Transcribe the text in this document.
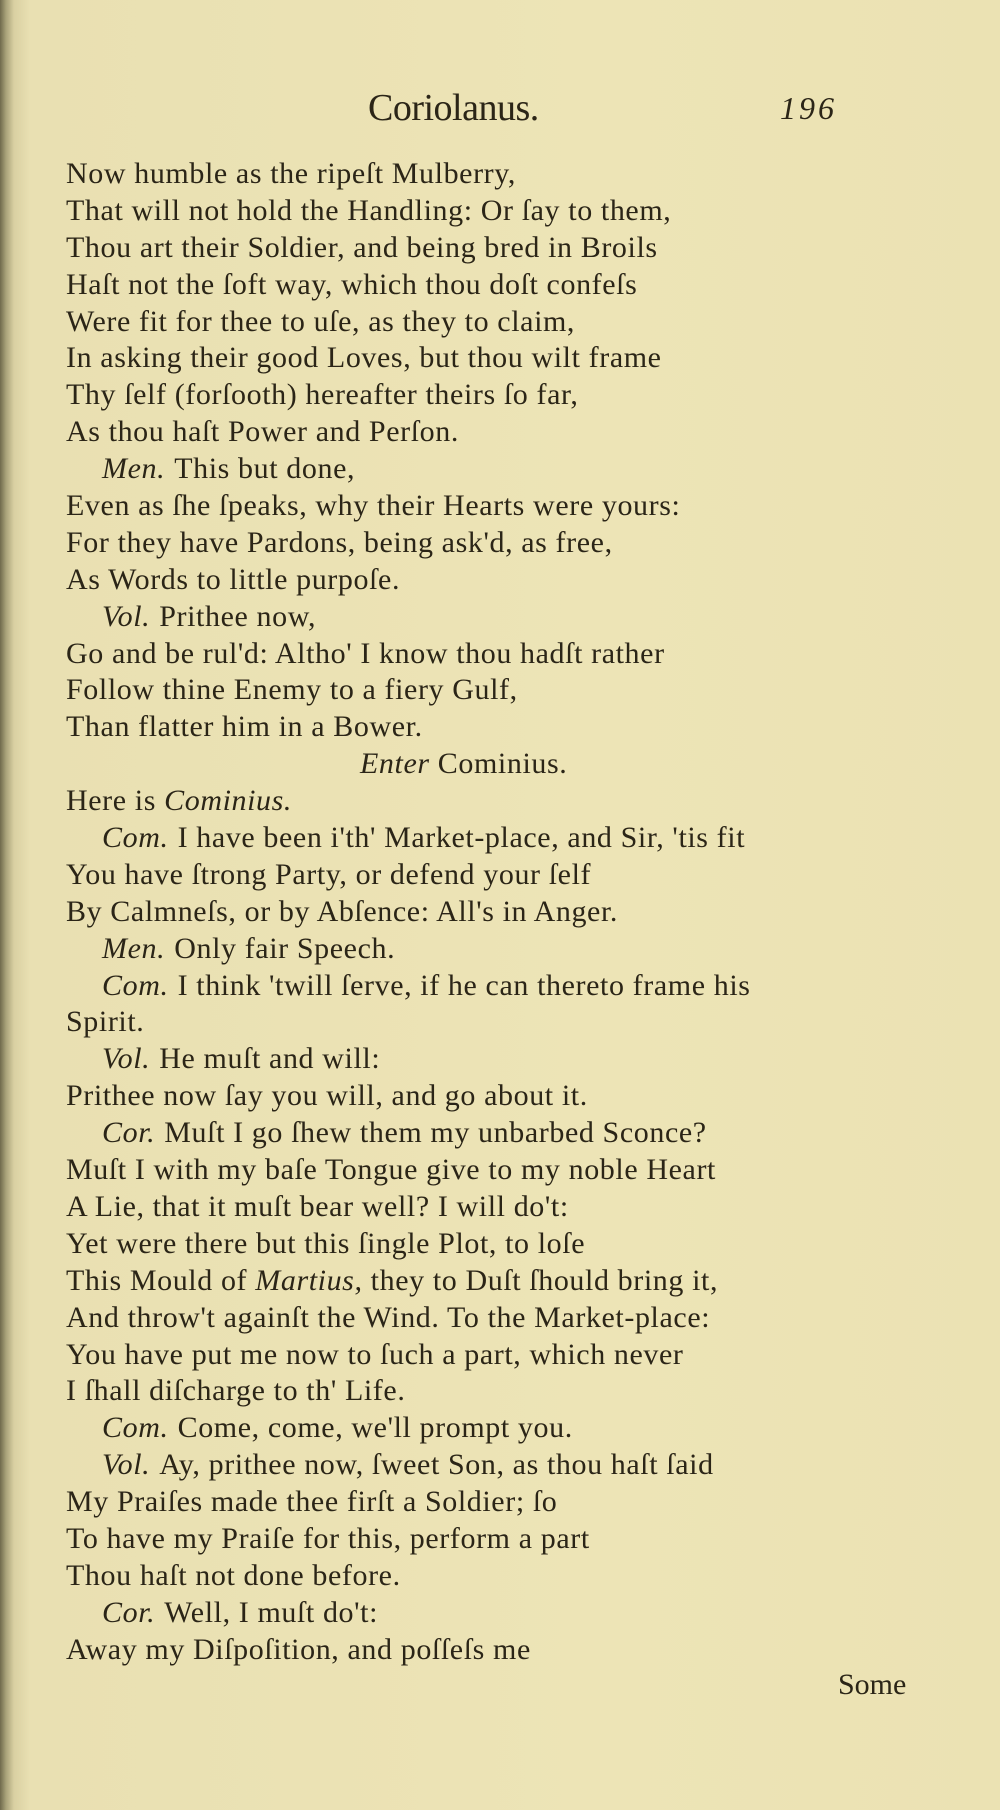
Coriolanus.	196
Now humble as the ripeſt Mulberry,
That will not hold the Handling: Or ſay to them,
Thou art their Soldier, and being bred in Broils
Haſt not the ſoft way, which thou doſt confeſs
Were fit for thee to uſe, as they to claim,
In asking their good Loves, but thou wilt frame
Thy ſelf (forſooth) hereafter theirs ſo far,
As thou haſt Power and Perſon.
Men. This but done,
Even as ſhe ſpeaks, why their Hearts were yours:
For they have Pardons, being ask'd, as free,
As Words to little purpoſe.
Vol. Prithee now,
Go and be rul'd: Altho' I know thou hadſt rather
Follow thine Enemy to a fiery Gulf,
Than flatter him in a Bower.
Enter Cominius.
Here is Cominius.
Com. I have been i'th' Market-place, and Sir, 'tis fit
You have ſtrong Party, or defend your ſelf
By Calmneſs, or by Abſence: All's in Anger.
Men. Only fair Speech.
Com. I think 'twill ſerve, if he can thereto frame his
Spirit.
Vol. He muſt and will:
Prithee now ſay you will, and go about it.
Cor. Muſt I go ſhew them my unbarbed Sconce?
Muſt I with my baſe Tongue give to my noble Heart
A Lie, that it muſt bear well? I will do't:
Yet were there but this ſingle Plot, to loſe
This Mould of Martius, they to Duſt ſhould bring it,
And throw't againſt the Wind. To the Market-place:
You have put me now to ſuch a part, which never
I ſhall diſcharge to th' Life.
Com. Come, come, we'll prompt you.
Vol. Ay, prithee now, ſweet Son, as thou haſt ſaid
My Praiſes made thee firſt a Soldier; ſo
To have my Praiſe for this, perform a part
Thou haſt not done before.
Cor. Well, I muſt do't:
Away my Diſpoſition, and poſſeſs me
Some
